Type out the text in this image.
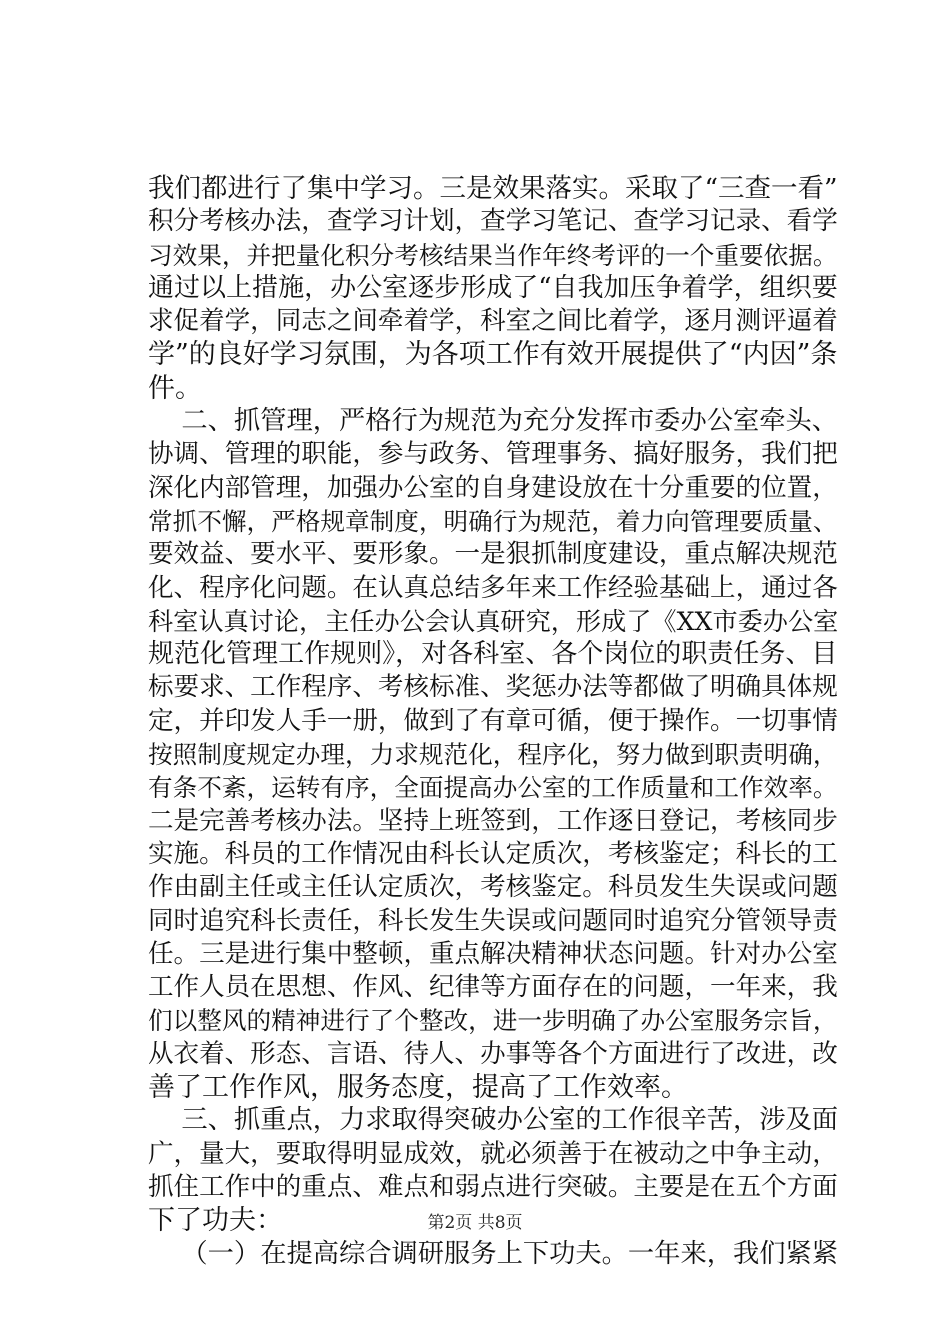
我们都进行了集中学习。三是效果落实。采取了“三查一看”
积分考核办法，查学习计划，查学习笔记、查学习记录、看学
习效果，并把量化积分考核结果当作年终考评的一个重要依据。
通过以上措施，办公室逐步形成了“自我加压争着学，组织要
求促着学，同志之间牵着学，科室之间比着学，逐月测评逼着
学”的良好学习氛围，为各项工作有效开展提供了“内因”条
件。
二、抓管理，严格行为规范为充分发挥市委办公室牵头、
协调、管理的职能，参与政务、管理事务、搞好服务，我们把
深化内部管理，加强办公室的自身建设放在十分重要的位置，
常抓不懈，严格规章制度，明确行为规范，着力向管理要质量、
要效益、要水平、要形象。一是狠抓制度建设，重点解决规范
化、程序化问题。在认真总结多年来工作经验基础上，通过各
科室认真讨论，主任办公会认真研究，形成了《XX市委办公室
规范化管理工作规则》，对各科室、各个岗位的职责任务、目
标要求、工作程序、考核标准、奖惩办法等都做了明确具体规
定，并印发人手一册，做到了有章可循，便于操作。一切事情
按照制度规定办理，力求规范化，程序化，努力做到职责明确，
有条不紊，运转有序，全面提高办公室的工作质量和工作效率。
二是完善考核办法。坚持上班签到，工作逐日登记，考核同步
实施。科员的工作情况由科长认定质次，考核鉴定；科长的工
作由副主任或主任认定质次，考核鉴定。科员发生失误或问题
同时追究科长责任，科长发生失误或问题同时追究分管领导责
任。三是进行集中整顿，重点解决精神状态问题。针对办公室
工作人员在思想、作风、纪律等方面存在的问题，一年来，我
们以整风的精神进行了个整改，进一步明确了办公室服务宗旨，
从衣着、形态、言语、待人、办事等各个方面进行了改进，改
善了工作作风，服务态度，提高了工作效率。
三、抓重点，力求取得突破办公室的工作很辛苦，涉及面
广，量大，要取得明显成效，就必须善于在被动之中争主动，
抓住工作中的重点、难点和弱点进行突破。主要是在五个方面
下了功夫：
（一）在提高综合调研服务上下功夫。一年来，我们紧紧
第2页 共8页
